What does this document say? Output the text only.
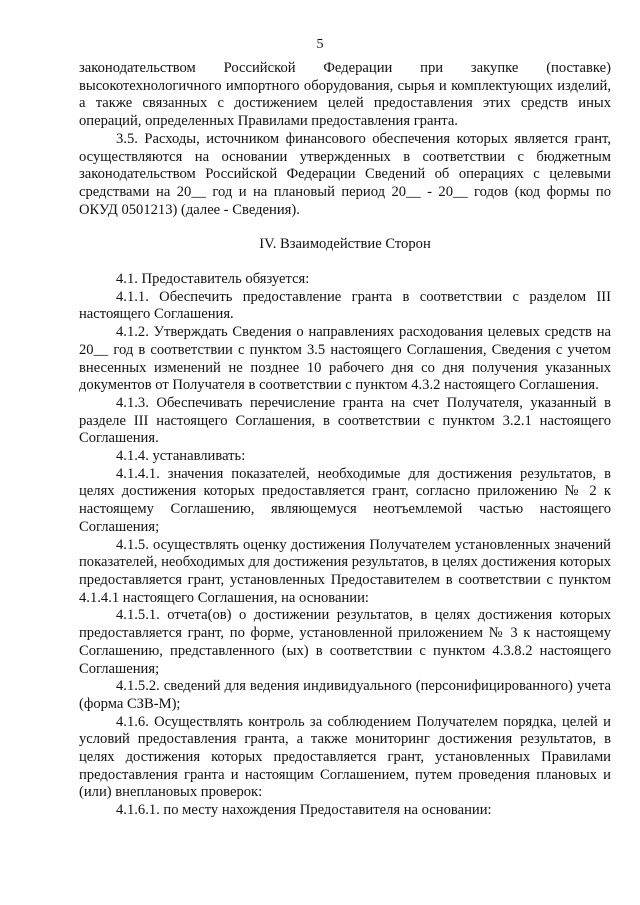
5

законодательством Российской Федерации при закупке (поставке) высокотехнологичного импортного оборудования, сырья и комплектующих изделий, а также связанных с достижением целей предоставления этих средств иных операций, определенных Правилами предоставления гранта.

3.5. Расходы, источником финансового обеспечения которых является грант, осуществляются на основании утвержденных в соответствии с бюджетным законодательством Российской Федерации Сведений об операциях с целевыми средствами на 20__ год и на плановый период 20__ - 20__ годов (код формы по ОКУД 0501213) (далее - Сведения).

IV. Взаимодействие Сторон

4.1. Предоставитель обязуется:

4.1.1. Обеспечить предоставление гранта в соответствии с разделом III настоящего Соглашения.

4.1.2. Утверждать Сведения о направлениях расходования целевых средств на 20__ год в соответствии с пунктом 3.5 настоящего Соглашения, Сведения с учетом внесенных изменений не позднее 10 рабочего дня со дня получения указанных документов от Получателя в соответствии с пунктом 4.3.2 настоящего Соглашения.

4.1.3. Обеспечивать перечисление гранта на счет Получателя, указанный в разделе III настоящего Соглашения, в соответствии с пунктом 3.2.1 настоящего Соглашения.

4.1.4. устанавливать:

4.1.4.1. значения показателей, необходимые для достижения результатов, в целях достижения которых предоставляется грант, согласно приложению № 2 к настоящему Соглашению, являющемуся неотъемлемой частью настоящего Соглашения;

4.1.5. осуществлять оценку достижения Получателем установленных значений показателей, необходимых для достижения результатов, в целях достижения которых предоставляется грант, установленных Предоставителем в соответствии с пунктом 4.1.4.1 настоящего Соглашения, на основании:

4.1.5.1. отчета(ов) о достижении результатов, в целях достижения которых предоставляется грант, по форме, установленной приложением № 3 к настоящему Соглашению, представленного (ых) в соответствии с пунктом 4.3.8.2 настоящего Соглашения;

4.1.5.2. сведений для ведения индивидуального (персонифицированного) учета (форма СЗВ-М);

4.1.6. Осуществлять контроль за соблюдением Получателем порядка, целей и условий предоставления гранта, а также мониторинг достижения результатов, в целях достижения которых предоставляется грант, установленных Правилами предоставления гранта и настоящим Соглашением, путем проведения плановых и (или) внеплановых проверок:

4.1.6.1. по месту нахождения Предоставителя на основании:
